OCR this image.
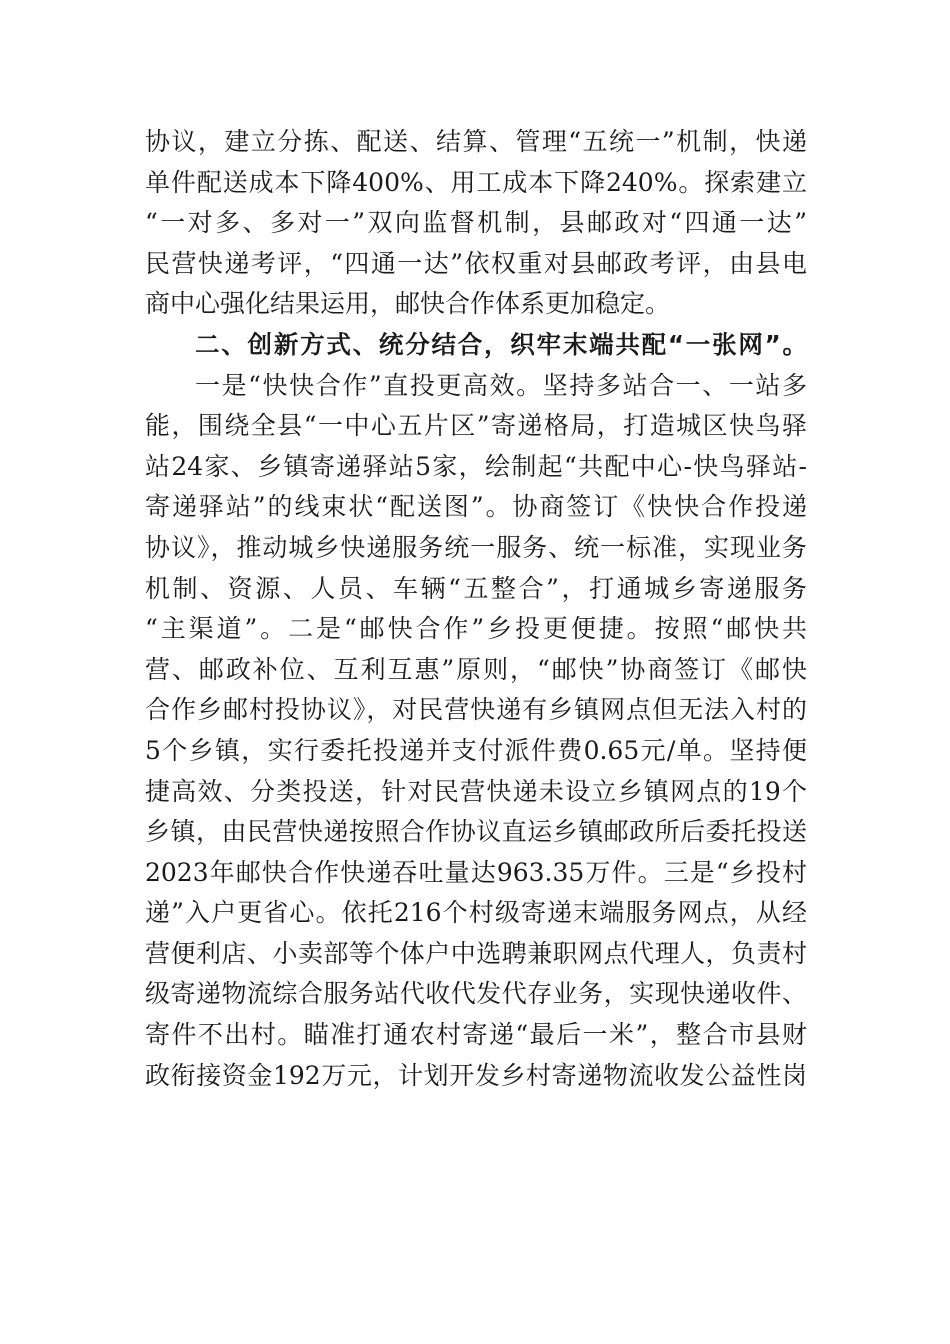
协议，建立分拣、配送、结算、管理“五统一”机制，快递
单件配送成本下降400%、用工成本下降240%。探索建立
“一对多、多对一”双向监督机制，县邮政对“四通一达”
民营快递考评，“四通一达”依权重对县邮政考评，由县电
商中心强化结果运用，邮快合作体系更加稳定。
二、创新方式、统分结合，织牢末端共配“一张网”。
一是“快快合作”直投更高效。坚持多站合一、一站多
能，围绕全县“一中心五片区”寄递格局，打造城区快鸟驿
站24家、乡镇寄递驿站5家，绘制起“共配中心-快鸟驿站-
寄递驿站”的线束状“配送图”。协商签订《快快合作投递
协议》，推动城乡快递服务统一服务、统一标准，实现业务
机制、资源、人员、车辆“五整合”，打通城乡寄递服务
“主渠道”。二是“邮快合作”乡投更便捷。按照“邮快共
营、邮政补位、互利互惠”原则，“邮快”协商签订《邮快
合作乡邮村投协议》，对民营快递有乡镇网点但无法入村的
5个乡镇，实行委托投递并支付派件费0.65元/单。坚持便
捷高效、分类投送，针对民营快递未设立乡镇网点的19个
乡镇，由民营快递按照合作协议直运乡镇邮政所后委托投送
2023年邮快合作快递吞吐量达963.35万件。三是“乡投村
递”入户更省心。依托216个村级寄递末端服务网点，从经
营便利店、小卖部等个体户中选聘兼职网点代理人，负责村
级寄递物流综合服务站代收代发代存业务，实现快递收件、
寄件不出村。瞄准打通农村寄递“最后一米”，整合市县财
政衔接资金192万元，计划开发乡村寄递物流收发公益性岗
